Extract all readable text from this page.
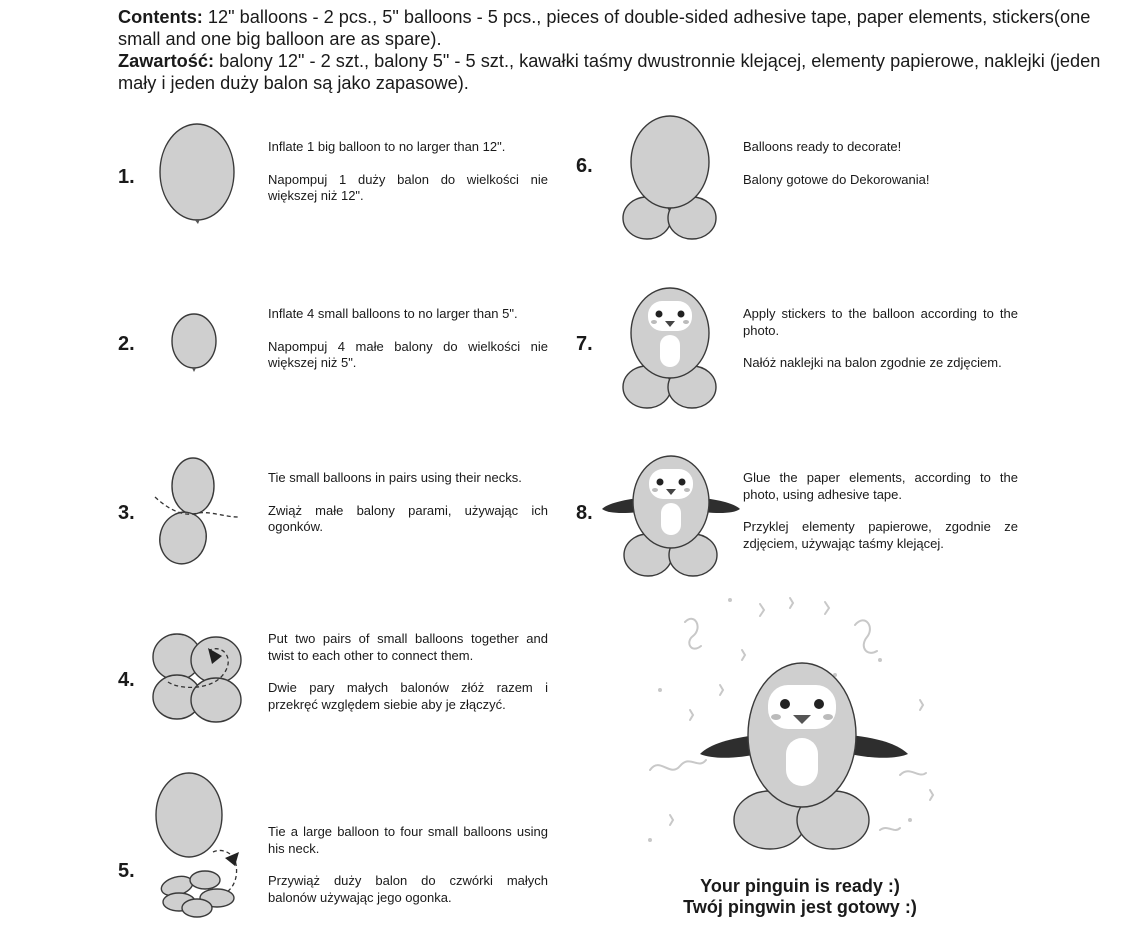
Contents: 12" balloons - 2 pcs., 5" balloons - 5 pcs., pieces of double-sided adhesive tape, paper elements, stickers(one small and one big balloon are as spare).

Zawartość: balony 12" - 2 szt., balony 5" - 5 szt., kawałki taśmy dwustronnie klejącej, elementy papierowe, naklejki (jeden mały i jeden duży balon są jako zapasowe).

1.

Inflate 1 big balloon to no larger than 12".

Napompuj 1 duży balon do wielkości nie większej niż 12".

2.

Inflate 4 small balloons to no larger than 5".

Napompuj 4 małe balony do wielkości nie większej niż 5".

3.

Tie small balloons in pairs using their necks.

Zwiąż małe balony parami, używając ich ogonków.

4.

Put two pairs of small balloons together and twist to each other to connect them.

Dwie pary małych balonów złóż razem i przekręć względem siebie aby je złączyć.

5.

Tie a large balloon to four small balloons using his neck.

Przywiąż duży balon do czwórki małych balonów używając jego ogonka.

6.

Balloons ready to decorate!

Balony gotowe do Dekorowania!

7.

Apply stickers to the balloon according to the photo.

Nałóż naklejki na balon zgodnie ze zdjęciem.

8.

Glue the paper elements, according to the photo, using adhesive tape.

Przyklej elementy papierowe, zgodnie ze zdjęciem, używając taśmy klejącej.

Your pinguin is ready :)
Twój pingwin jest gotowy :)
